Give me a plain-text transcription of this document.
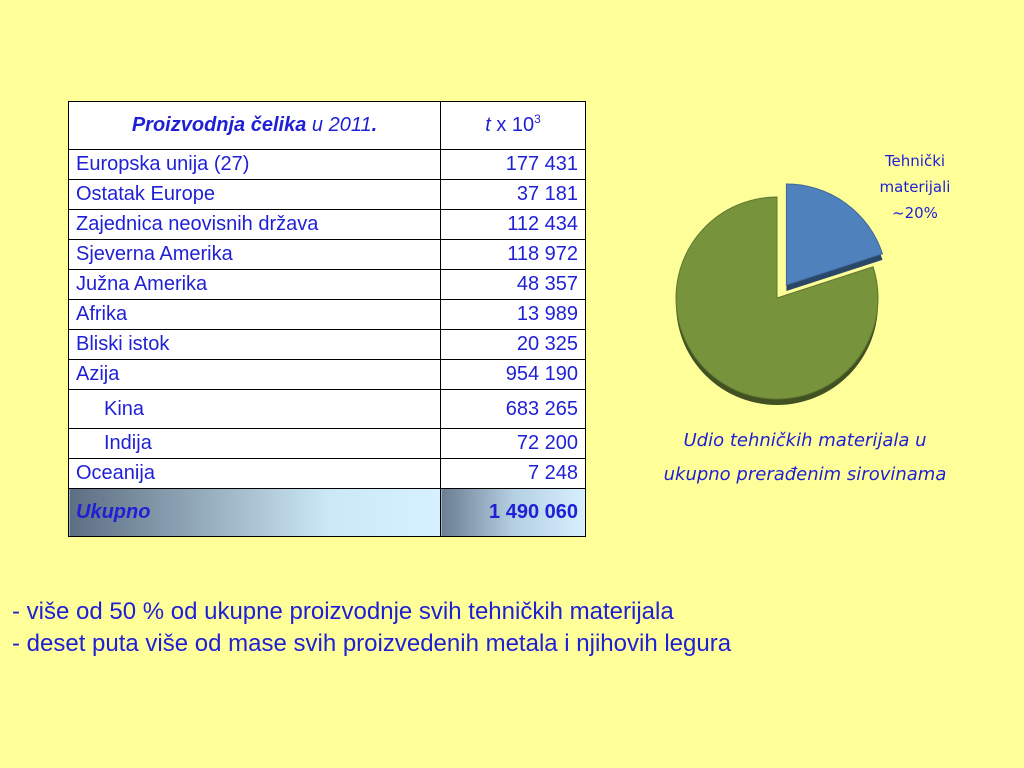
Proizvodnja čelika u 2011.	t x $10^3$
Europska unija (27)	177 431
Ostatak Europe	37 181
Zajednica neovisnih država	112 434
Sjeverna Amerika	118 972
Južna Amerika	48 357
Afrika	13 989
Bliski istok	20 325
Azija	954 190
Kina	683 265
Indija	72 200
Oceanija	7 248
Ukupno	1 490 060
Tehnički
materijali
~20%
Udio tehničkih materijala u
ukupno prerađenim sirovinama
- više od 50 % od ukupne proizvodnje svih tehničkih materijala
- deset puta više od mase svih proizvedenih metala i njihovih legura
